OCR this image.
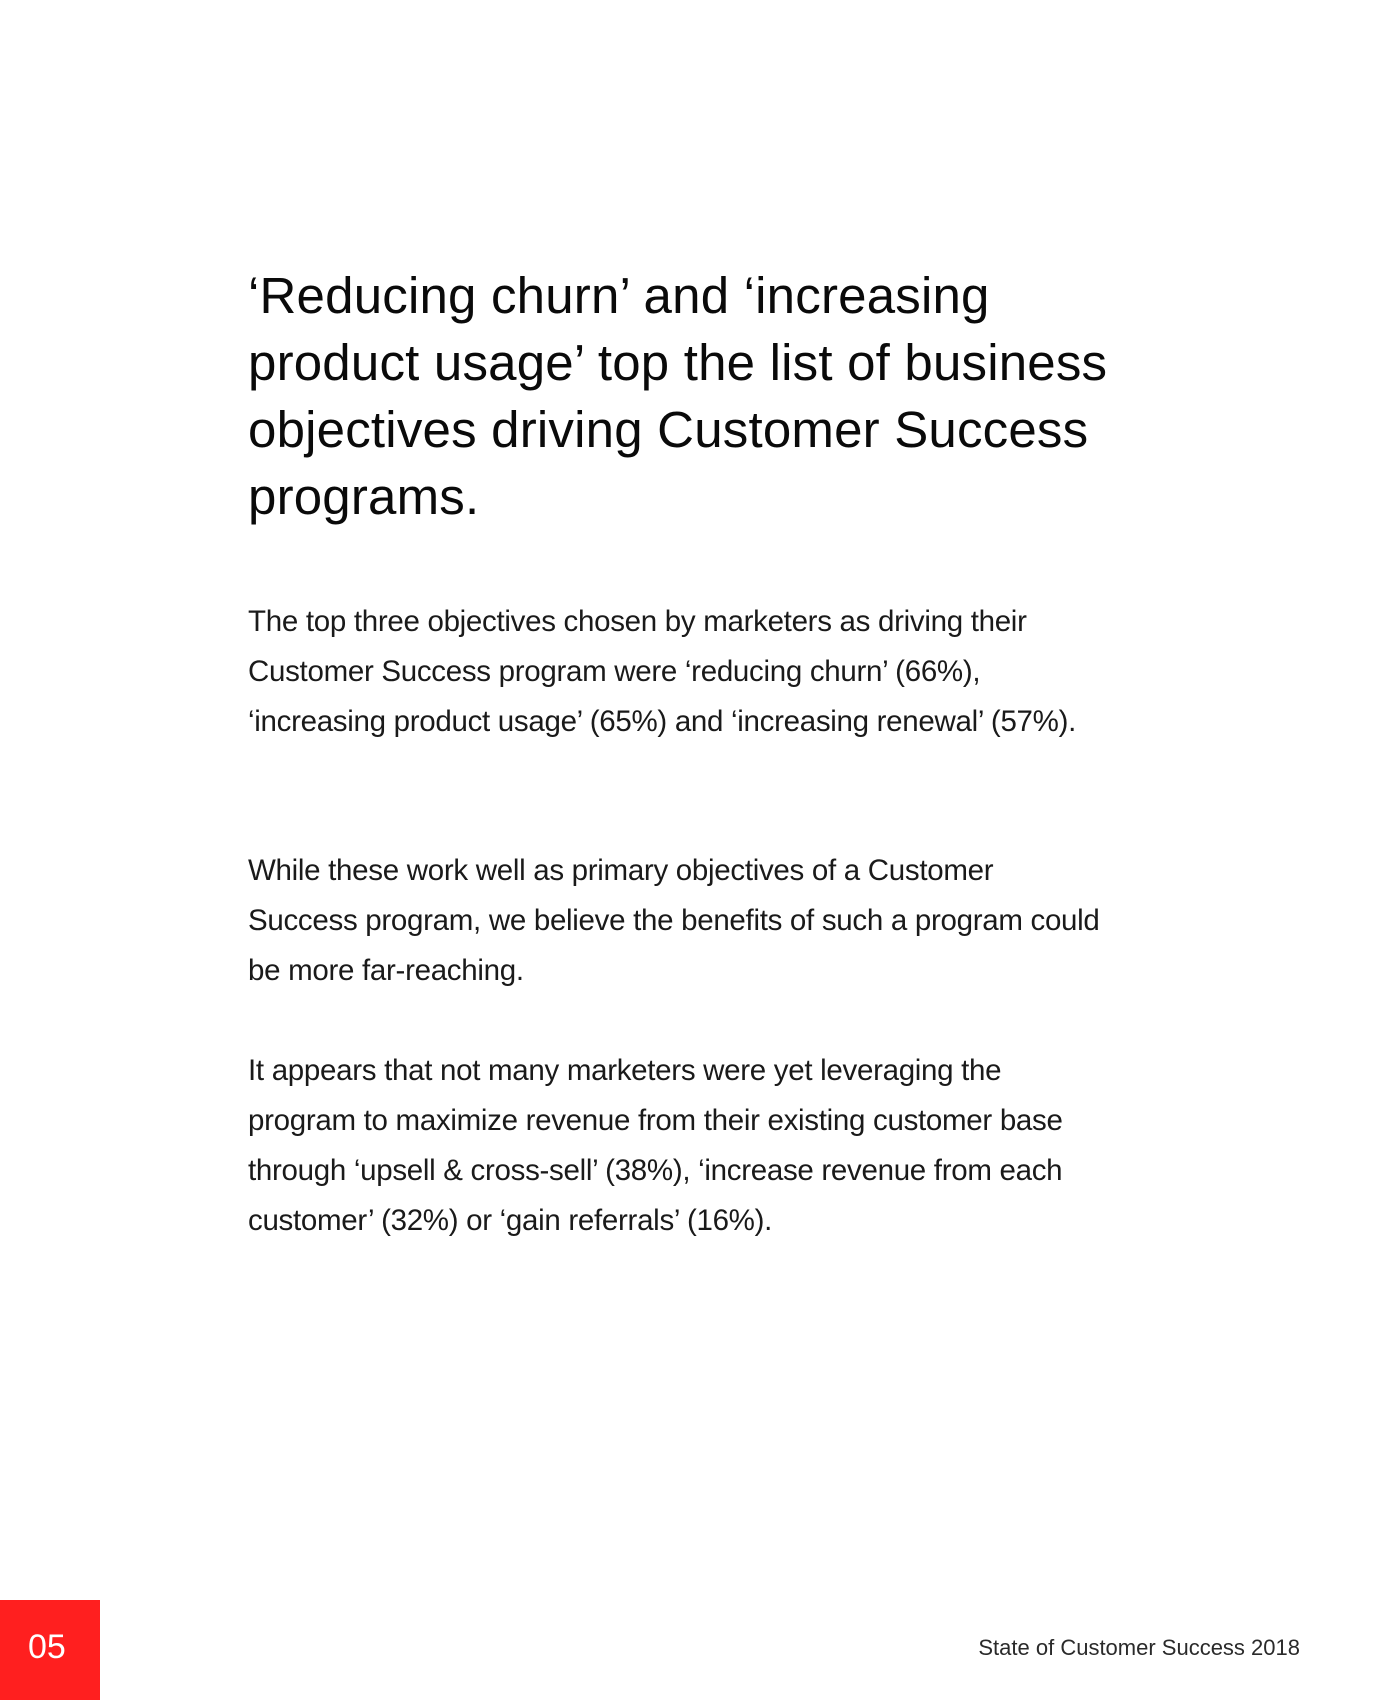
‘Reducing churn’ and ‘increasing product usage’ top the list of business objectives driving Customer Success programs.

The top three objectives chosen by marketers as driving their Customer Success program were ‘reducing churn’ (66%), ‘increasing product usage’ (65%) and ‘increasing renewal’ (57%).

While these work well as primary objectives of a Customer Success program, we believe the benefits of such a program could be more far-reaching.

It appears that not many marketers were yet leveraging the program to maximize revenue from their existing customer base through ‘upsell & cross-sell’ (38%), ‘increase revenue from each customer’ (32%) or ‘gain referrals’ (16%).

05	State of Customer Success 2018
